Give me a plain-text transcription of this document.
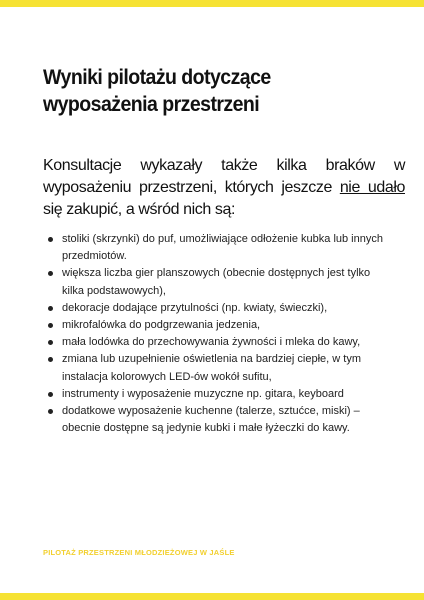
Wyniki pilotażu dotyczące
wyposażenia przestrzeni

Konsultacje wykazały także kilka braków w wyposażeniu przestrzeni, których jeszcze nie udało się zakupić, a wśród nich są:

stoliki (skrzynki) do puf, umożliwiające odłożenie kubka lub innych przedmiotów.
większa liczba gier planszowych (obecnie dostępnych jest tylko kilka podstawowych),
dekoracje dodające przytulności (np. kwiaty, świeczki),
mikrofalówka do podgrzewania jedzenia,
mała lodówka do przechowywania żywności i mleka do kawy,
zmiana lub uzupełnienie oświetlenia na bardziej ciepłe, w tym instalacja kolorowych LED-ów wokół sufitu,
instrumenty i wyposażenie muzyczne np. gitara, keyboard
dodatkowe wyposażenie kuchenne (talerze, sztućce, miski) – obecnie dostępne są jedynie kubki i małe łyżeczki do kawy.

PILOTAŻ PRZESTRZENI MŁODZIEŻOWEJ W JAŚLE
